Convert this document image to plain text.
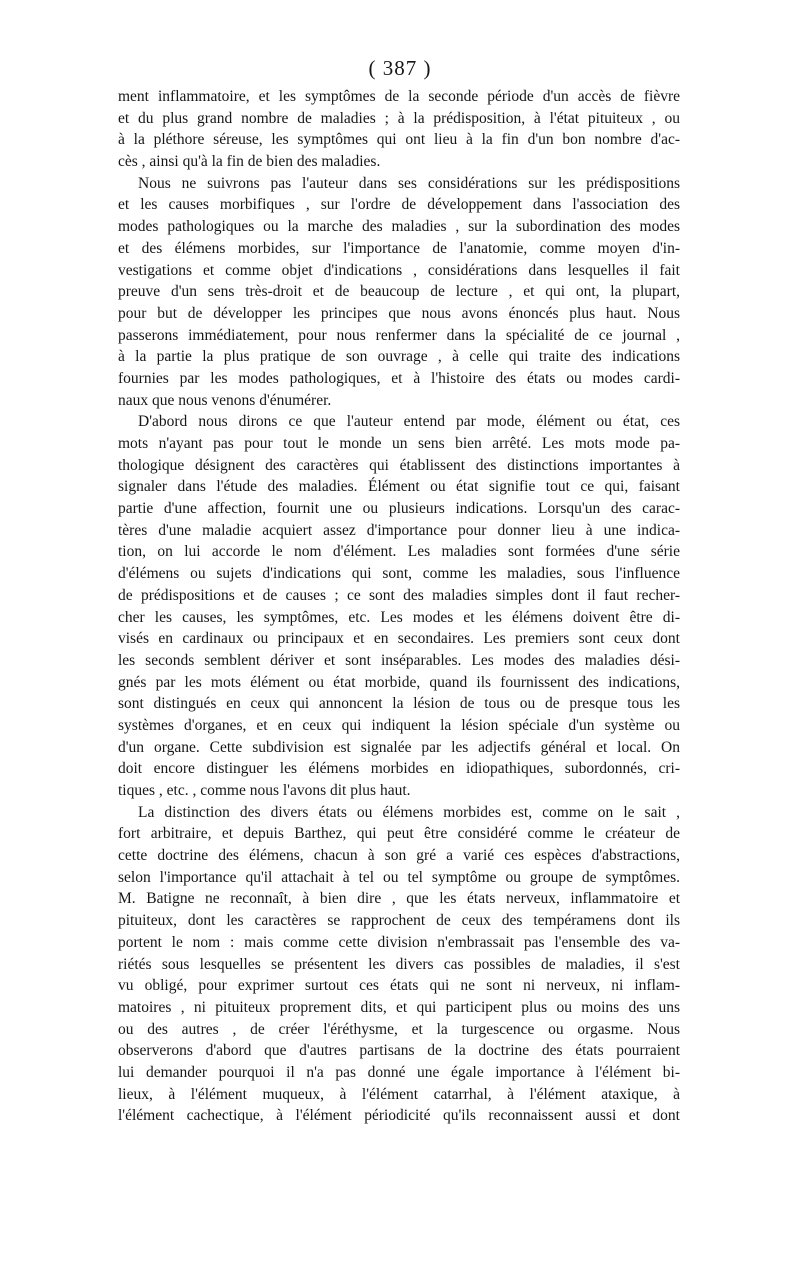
( 387 )
ment inflammatoire, et les symptômes de la seconde période d'un accès de fièvre
et du plus grand nombre de maladies ; à la prédisposition, à l'état pituiteux , ou
à la pléthore séreuse, les symptômes qui ont lieu à la fin d'un bon nombre d'ac-
cès , ainsi qu'à la fin de bien des maladies.
Nous ne suivrons pas l'auteur dans ses considérations sur les prédispositions
et les causes morbifiques , sur l'ordre de développement dans l'association des
modes pathologiques ou la marche des maladies , sur la subordination des modes
et des élémens morbides, sur l'importance de l'anatomie, comme moyen d'in-
vestigations et comme objet d'indications , considérations dans lesquelles il fait
preuve d'un sens très-droit et de beaucoup de lecture , et qui ont, la plupart,
pour but de développer les principes que nous avons énoncés plus haut. Nous
passerons immédiatement, pour nous renfermer dans la spécialité de ce journal ,
à la partie la plus pratique de son ouvrage , à celle qui traite des indications
fournies par les modes pathologiques, et à l'histoire des états ou modes cardi-
naux que nous venons d'énumérer.
D'abord nous dirons ce que l'auteur entend par mode, élément ou état, ces
mots n'ayant pas pour tout le monde un sens bien arrêté. Les mots mode pa-
thologique désignent des caractères qui établissent des distinctions importantes à
signaler dans l'étude des maladies. Élément ou état signifie tout ce qui, faisant
partie d'une affection, fournit une ou plusieurs indications. Lorsqu'un des carac-
tères d'une maladie acquiert assez d'importance pour donner lieu à une indica-
tion, on lui accorde le nom d'élément. Les maladies sont formées d'une série
d'élémens ou sujets d'indications qui sont, comme les maladies, sous l'influence
de prédispositions et de causes ; ce sont des maladies simples dont il faut recher-
cher les causes, les symptômes, etc. Les modes et les élémens doivent être di-
visés en cardinaux ou principaux et en secondaires. Les premiers sont ceux dont
les seconds semblent dériver et sont inséparables. Les modes des maladies dési-
gnés par les mots élément ou état morbide, quand ils fournissent des indications,
sont distingués en ceux qui annoncent la lésion de tous ou de presque tous les
systèmes d'organes, et en ceux qui indiquent la lésion spéciale d'un système ou
d'un organe. Cette subdivision est signalée par les adjectifs général et local. On
doit encore distinguer les élémens morbides en idiopathiques, subordonnés, cri-
tiques , etc. , comme nous l'avons dit plus haut.
La distinction des divers états ou élémens morbides est, comme on le sait ,
fort arbitraire, et depuis Barthez, qui peut être considéré comme le créateur de
cette doctrine des élémens, chacun à son gré a varié ces espèces d'abstractions,
selon l'importance qu'il attachait à tel ou tel symptôme ou groupe de symptômes.
M. Batigne ne reconnaît, à bien dire , que les états nerveux, inflammatoire et
pituiteux, dont les caractères se rapprochent de ceux des tempéramens dont ils
portent le nom : mais comme cette division n'embrassait pas l'ensemble des va-
riétés sous lesquelles se présentent les divers cas possibles de maladies, il s'est
vu obligé, pour exprimer surtout ces états qui ne sont ni nerveux, ni inflam-
matoires , ni pituiteux proprement dits, et qui participent plus ou moins des uns
ou des autres , de créer l'éréthysme, et la turgescence ou orgasme. Nous
observerons d'abord que d'autres partisans de la doctrine des états pourraient
lui demander pourquoi il n'a pas donné une égale importance à l'élément bi-
lieux, à l'élément muqueux, à l'élément catarrhal, à l'élément ataxique, à
l'élément cachectique, à l'élément périodicité qu'ils reconnaissent aussi et dont
